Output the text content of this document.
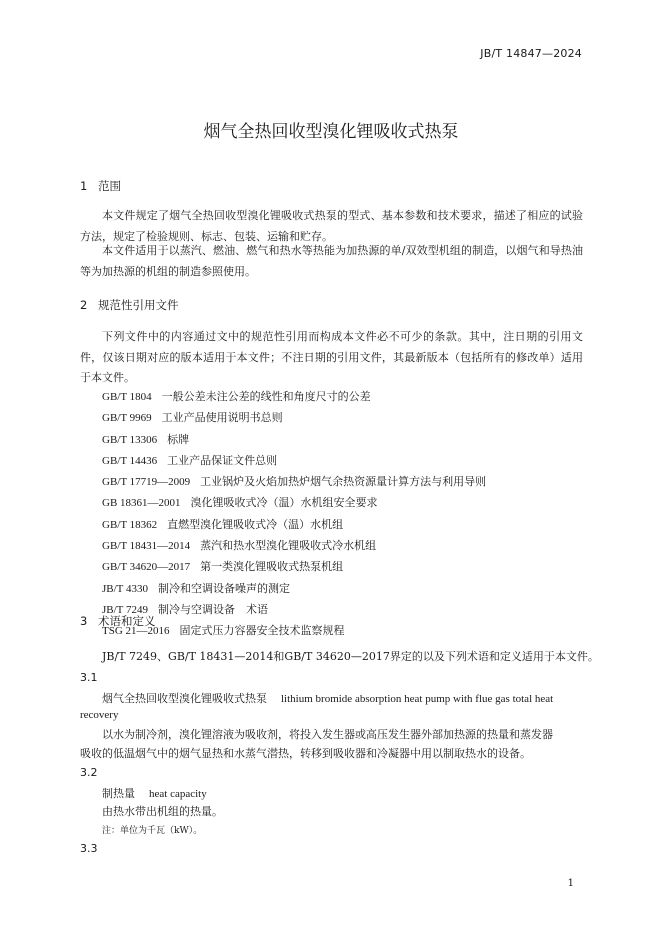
JB/T 14847—2024
烟气全热回收型溴化锂吸收式热泵
1 范围
本文件规定了烟气全热回收型溴化锂吸收式热泵的型式、基本参数和技术要求，描述了相应的试验方法，规定了检验规则、标志、包装、运输和贮存。
本文件适用于以蒸汽、燃油、燃气和热水等热能为加热源的单/双效型机组的制造，以烟气和导热油等为加热源的机组的制造参照使用。
2 规范性引用文件
下列文件中的内容通过文中的规范性引用而构成本文件必不可少的条款。其中，注日期的引用文件，仅该日期对应的版本适用于本文件；不注日期的引用文件，其最新版本（包括所有的修改单）适用于本文件。
GB/T 1804 一般公差未注公差的线性和角度尺寸的公差
GB/T 9969 工业产品使用说明书总则
GB/T 13306 标牌
GB/T 14436 工业产品保证文件总则
GB/T 17719—2009 工业锅炉及火焰加热炉烟气余热资源量计算方法与利用导则
GB 18361—2001 溴化锂吸收式冷（温）水机组安全要求
GB/T 18362 直燃型溴化锂吸收式冷（温）水机组
GB/T 18431—2014 蒸汽和热水型溴化锂吸收式冷水机组
GB/T 34620—2017 第一类溴化锂吸收式热泵机组
JB/T 4330 制冷和空调设备噪声的测定
JB/T 7249 制冷与空调设备　术语
TSG 21—2016 固定式压力容器安全技术监察规程
3 术语和定义
JB/T 7249、GB/T 18431—2014和GB/T 34620—2017界定的以及下列术语和定义适用于本文件。
3.1
烟气全热回收型溴化锂吸收式热泵 lithium bromide absorption heat pump with flue gas total heat
recovery
以水为制冷剂，溴化锂溶液为吸收剂，将投入发生器或高压发生器外部加热源的热量和蒸发器
吸收的低温烟气中的烟气显热和水蒸气潜热，转移到吸收器和冷凝器中用以制取热水的设备。
3.2
制热量 heat capacity
由热水带出机组的热量。
注：单位为千瓦（kW）。
3.3
1
